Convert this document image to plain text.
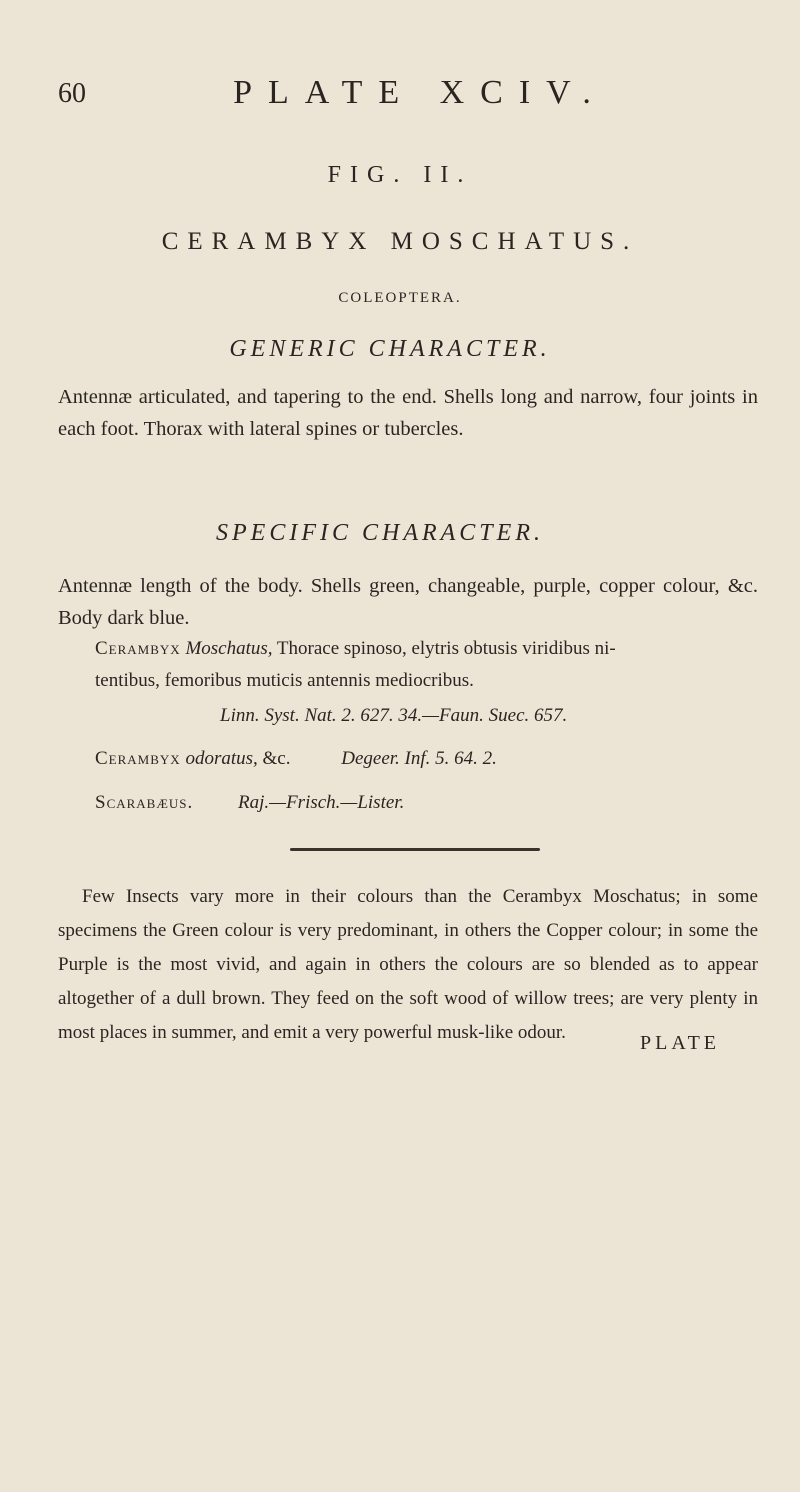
60	PLATE XCIV.
FIG. II.
CERAMBYX MOSCHATUS.
COLEOPTERA.
GENERIC CHARACTER.
Antennæ articulated, and tapering to the end. Shells long and narrow, four joints in each foot. Thorax with lateral spines or tubercles.
SPECIFIC CHARACTER.
Antennæ length of the body. Shells green, changeable, purple, copper colour, &c. Body dark blue.
Cerambyx Moschatus, Thorace spinoso, elytris obtusis viridibus ni-
tentibus, femoribus muticis antennis mediocribus.
Linn. Syst. Nat. 2. 627. 34.—Faun. Suec. 657.
Cerambyx odoratus, &c.	Degeer. Inf. 5. 64. 2.
Scarabæus. Raj.—Frisch.—Lister.
Few Insects vary more in their colours than the Cerambyx Moschatus; in some specimens the Green colour is very predominant, in others the Copper colour; in some the Purple is the most vivid, and again in others the colours are so blended as to appear altogether of a dull brown. They feed on the soft wood of willow trees; are very plenty in most places in summer, and emit a very powerful musk-like odour.	PLATE
